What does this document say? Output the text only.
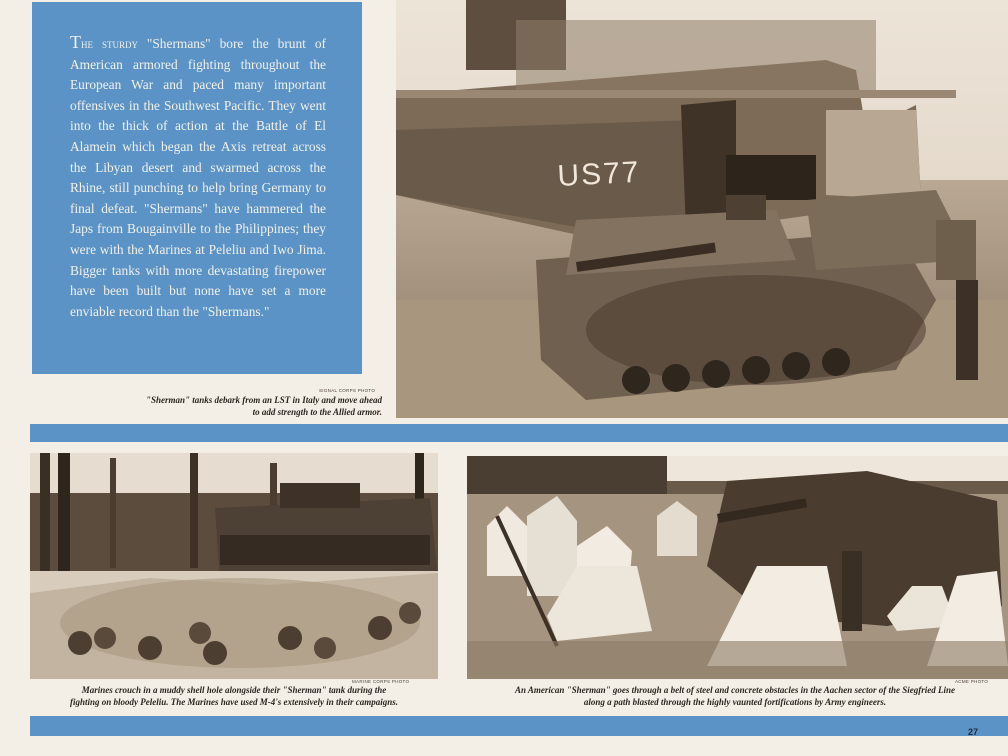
The sturdy "Shermans" bore the brunt of American armored fighting throughout the European War and paced many important offensives in the Southwest Pacific. They went into the thick of action at the Battle of El Alamein which began the Axis retreat across the Libyan desert and swarmed across the Rhine, still punching to help bring Germany to final defeat. "Shermans" have hammered the Japs from Bougainville to the Philippines; they were with the Marines at Peleliu and Iwo Jima. Bigger tanks with more devastating firepower have been built but none have set a more enviable record than the "Shermans."

US77
SIGNAL CORPS PHOTO
"Sherman" tanks debark from an LST in Italy and move ahead
to add strength to the Allied armor.
MARINE CORPS PHOTO
Marines crouch in a muddy shell hole alongside their "Sherman" tank during the
fighting on bloody Peleliu. The Marines have used M-4's extensively in their campaigns.
ACME PHOTO
An American "Sherman" goes through a belt of steel and concrete obstacles in the Aachen sector of the Siegfried Line
along a path blasted through the highly vaunted fortifications by Army engineers.
27
